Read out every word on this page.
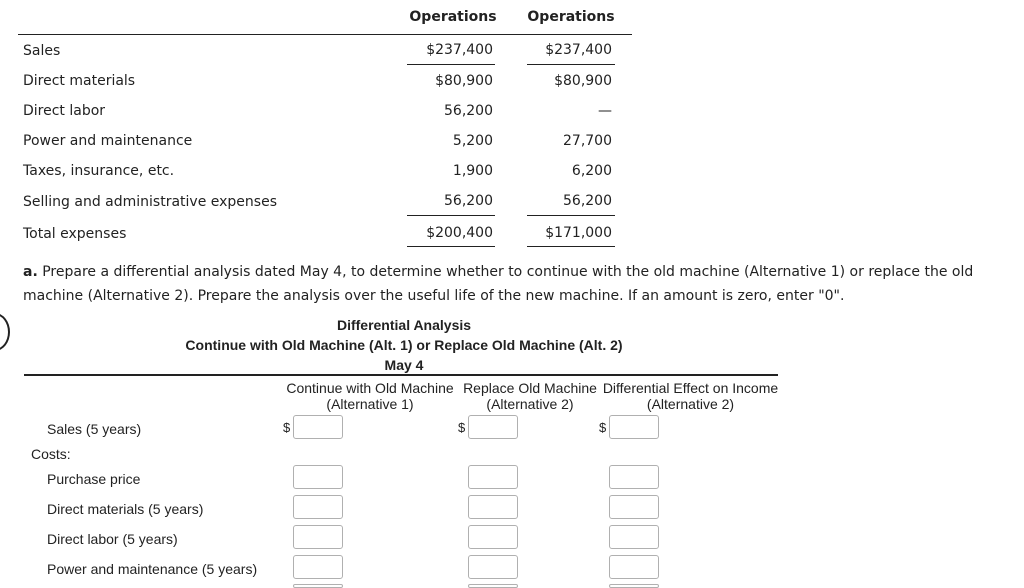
Operations	Operations
Sales	$237,400	$237,400
Direct materials	$80,900	$80,900
Direct labor	56,200	—
Power and maintenance	5,200	27,700
Taxes, insurance, etc.	1,900	6,200
Selling and administrative expenses	56,200	56,200
Total expenses	$200,400	$171,000
a. Prepare a differential analysis dated May 4, to determine whether to continue with the old machine (Alternative 1) or replace the old machine (Alternative 2). Prepare the analysis over the useful life of the new machine. If an amount is zero, enter "0".
Differential Analysis
Continue with Old Machine (Alt. 1) or Replace Old Machine (Alt. 2)
May 4
Continue with Old Machine
(Alternative 1)
Replace Old Machine
(Alternative 2)
Differential Effect on Income
(Alternative 2)
Sales (5 years)	$	$	$
Costs:
Purchase price
Direct materials (5 years)
Direct labor (5 years)
Power and maintenance (5 years)
